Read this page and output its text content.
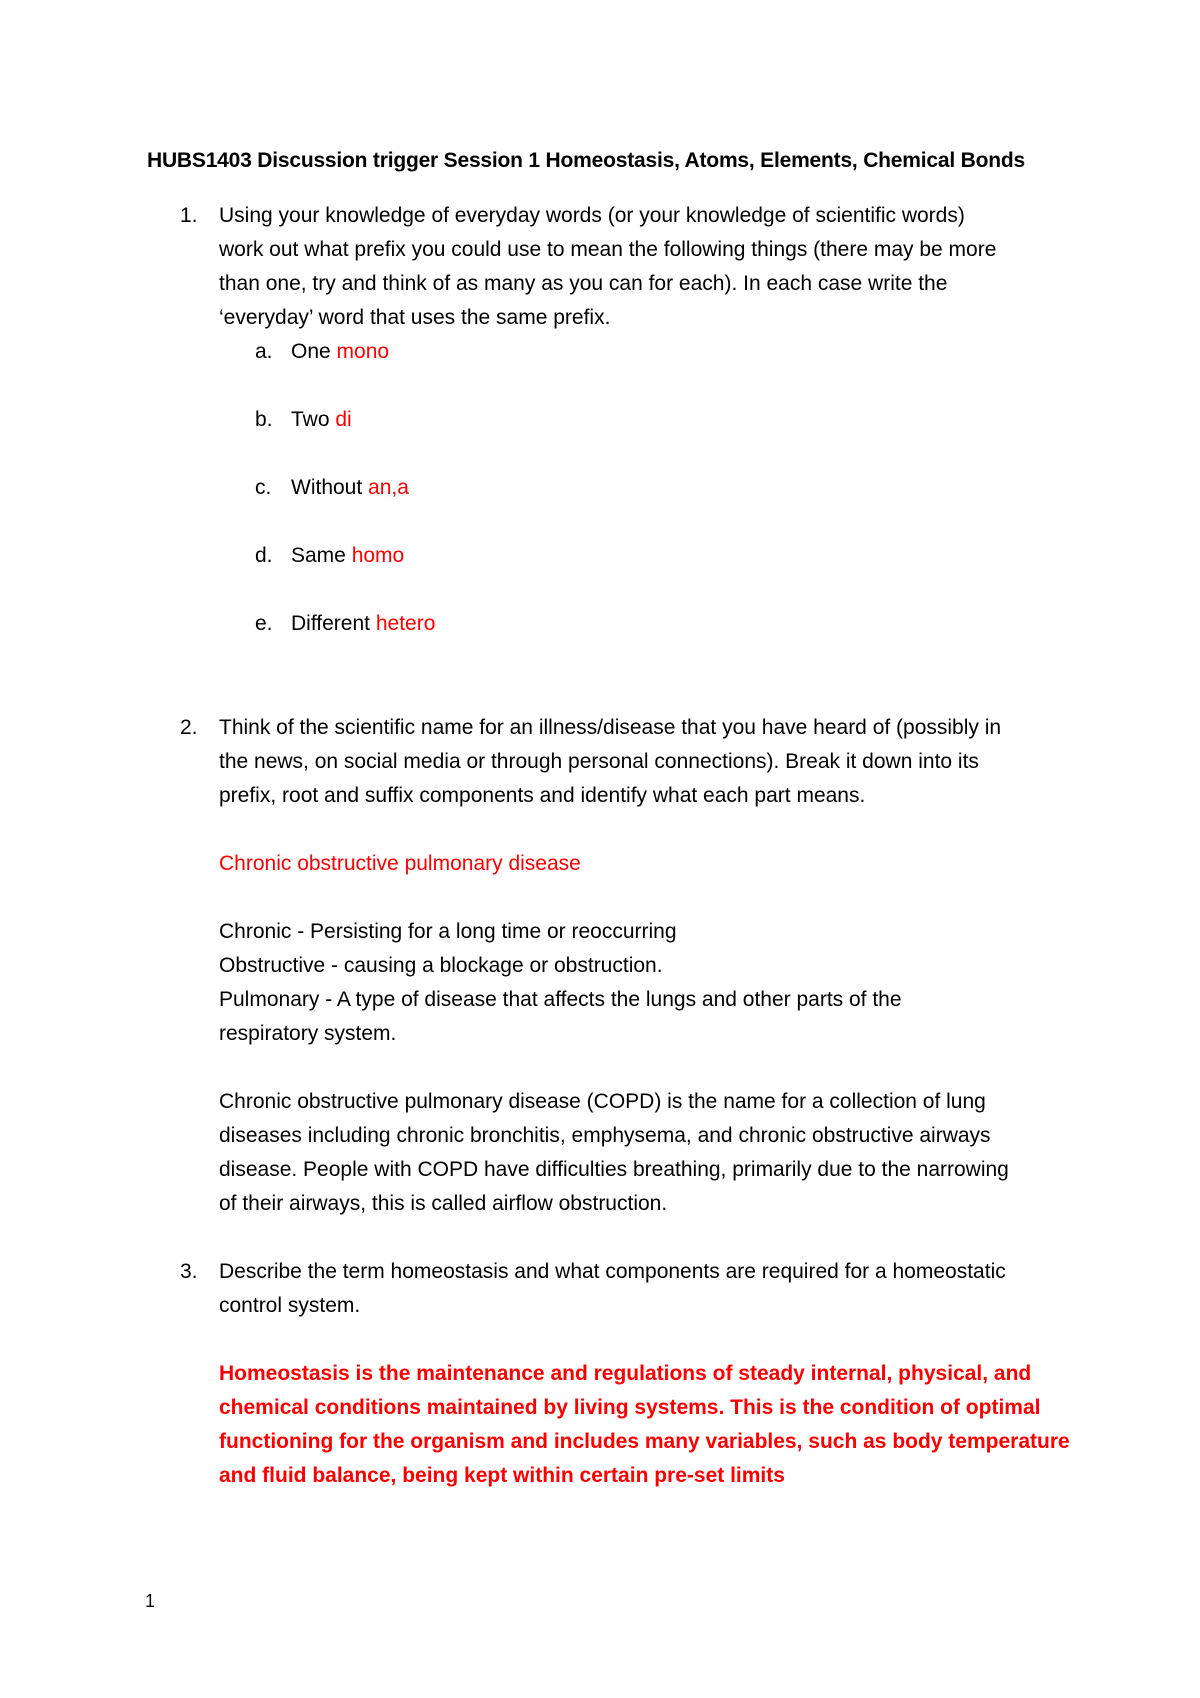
HUBS1403 Discussion trigger Session 1 Homeostasis, Atoms, Elements, Chemical Bonds
1. Using your knowledge of everyday words (or your knowledge of scientific words)
work out what prefix you could use to mean the following things (there may be more
than one, try and think of as many as you can for each). In each case write the
‘everyday’ word that uses the same prefix.
a. One mono
b. Two di
c. Without an,a
d. Same homo
e. Different hetero
2. Think of the scientific name for an illness/disease that you have heard of (possibly in
the news, on social media or through personal connections). Break it down into its
prefix, root and suffix components and identify what each part means.
Chronic obstructive pulmonary disease
Chronic - Persisting for a long time or reoccurring
Obstructive - causing a blockage or obstruction.
Pulmonary - A type of disease that affects the lungs and other parts of the
respiratory system.
Chronic obstructive pulmonary disease (COPD) is the name for a collection of lung
diseases including chronic bronchitis, emphysema, and chronic obstructive airways
disease. People with COPD have difficulties breathing, primarily due to the narrowing
of their airways, this is called airflow obstruction.
3. Describe the term homeostasis and what components are required for a homeostatic
control system.
Homeostasis is the maintenance and regulations of steady internal, physical, and
chemical conditions maintained by living systems. This is the condition of optimal
functioning for the organism and includes many variables, such as body temperature
and fluid balance, being kept within certain pre-set limits
1
